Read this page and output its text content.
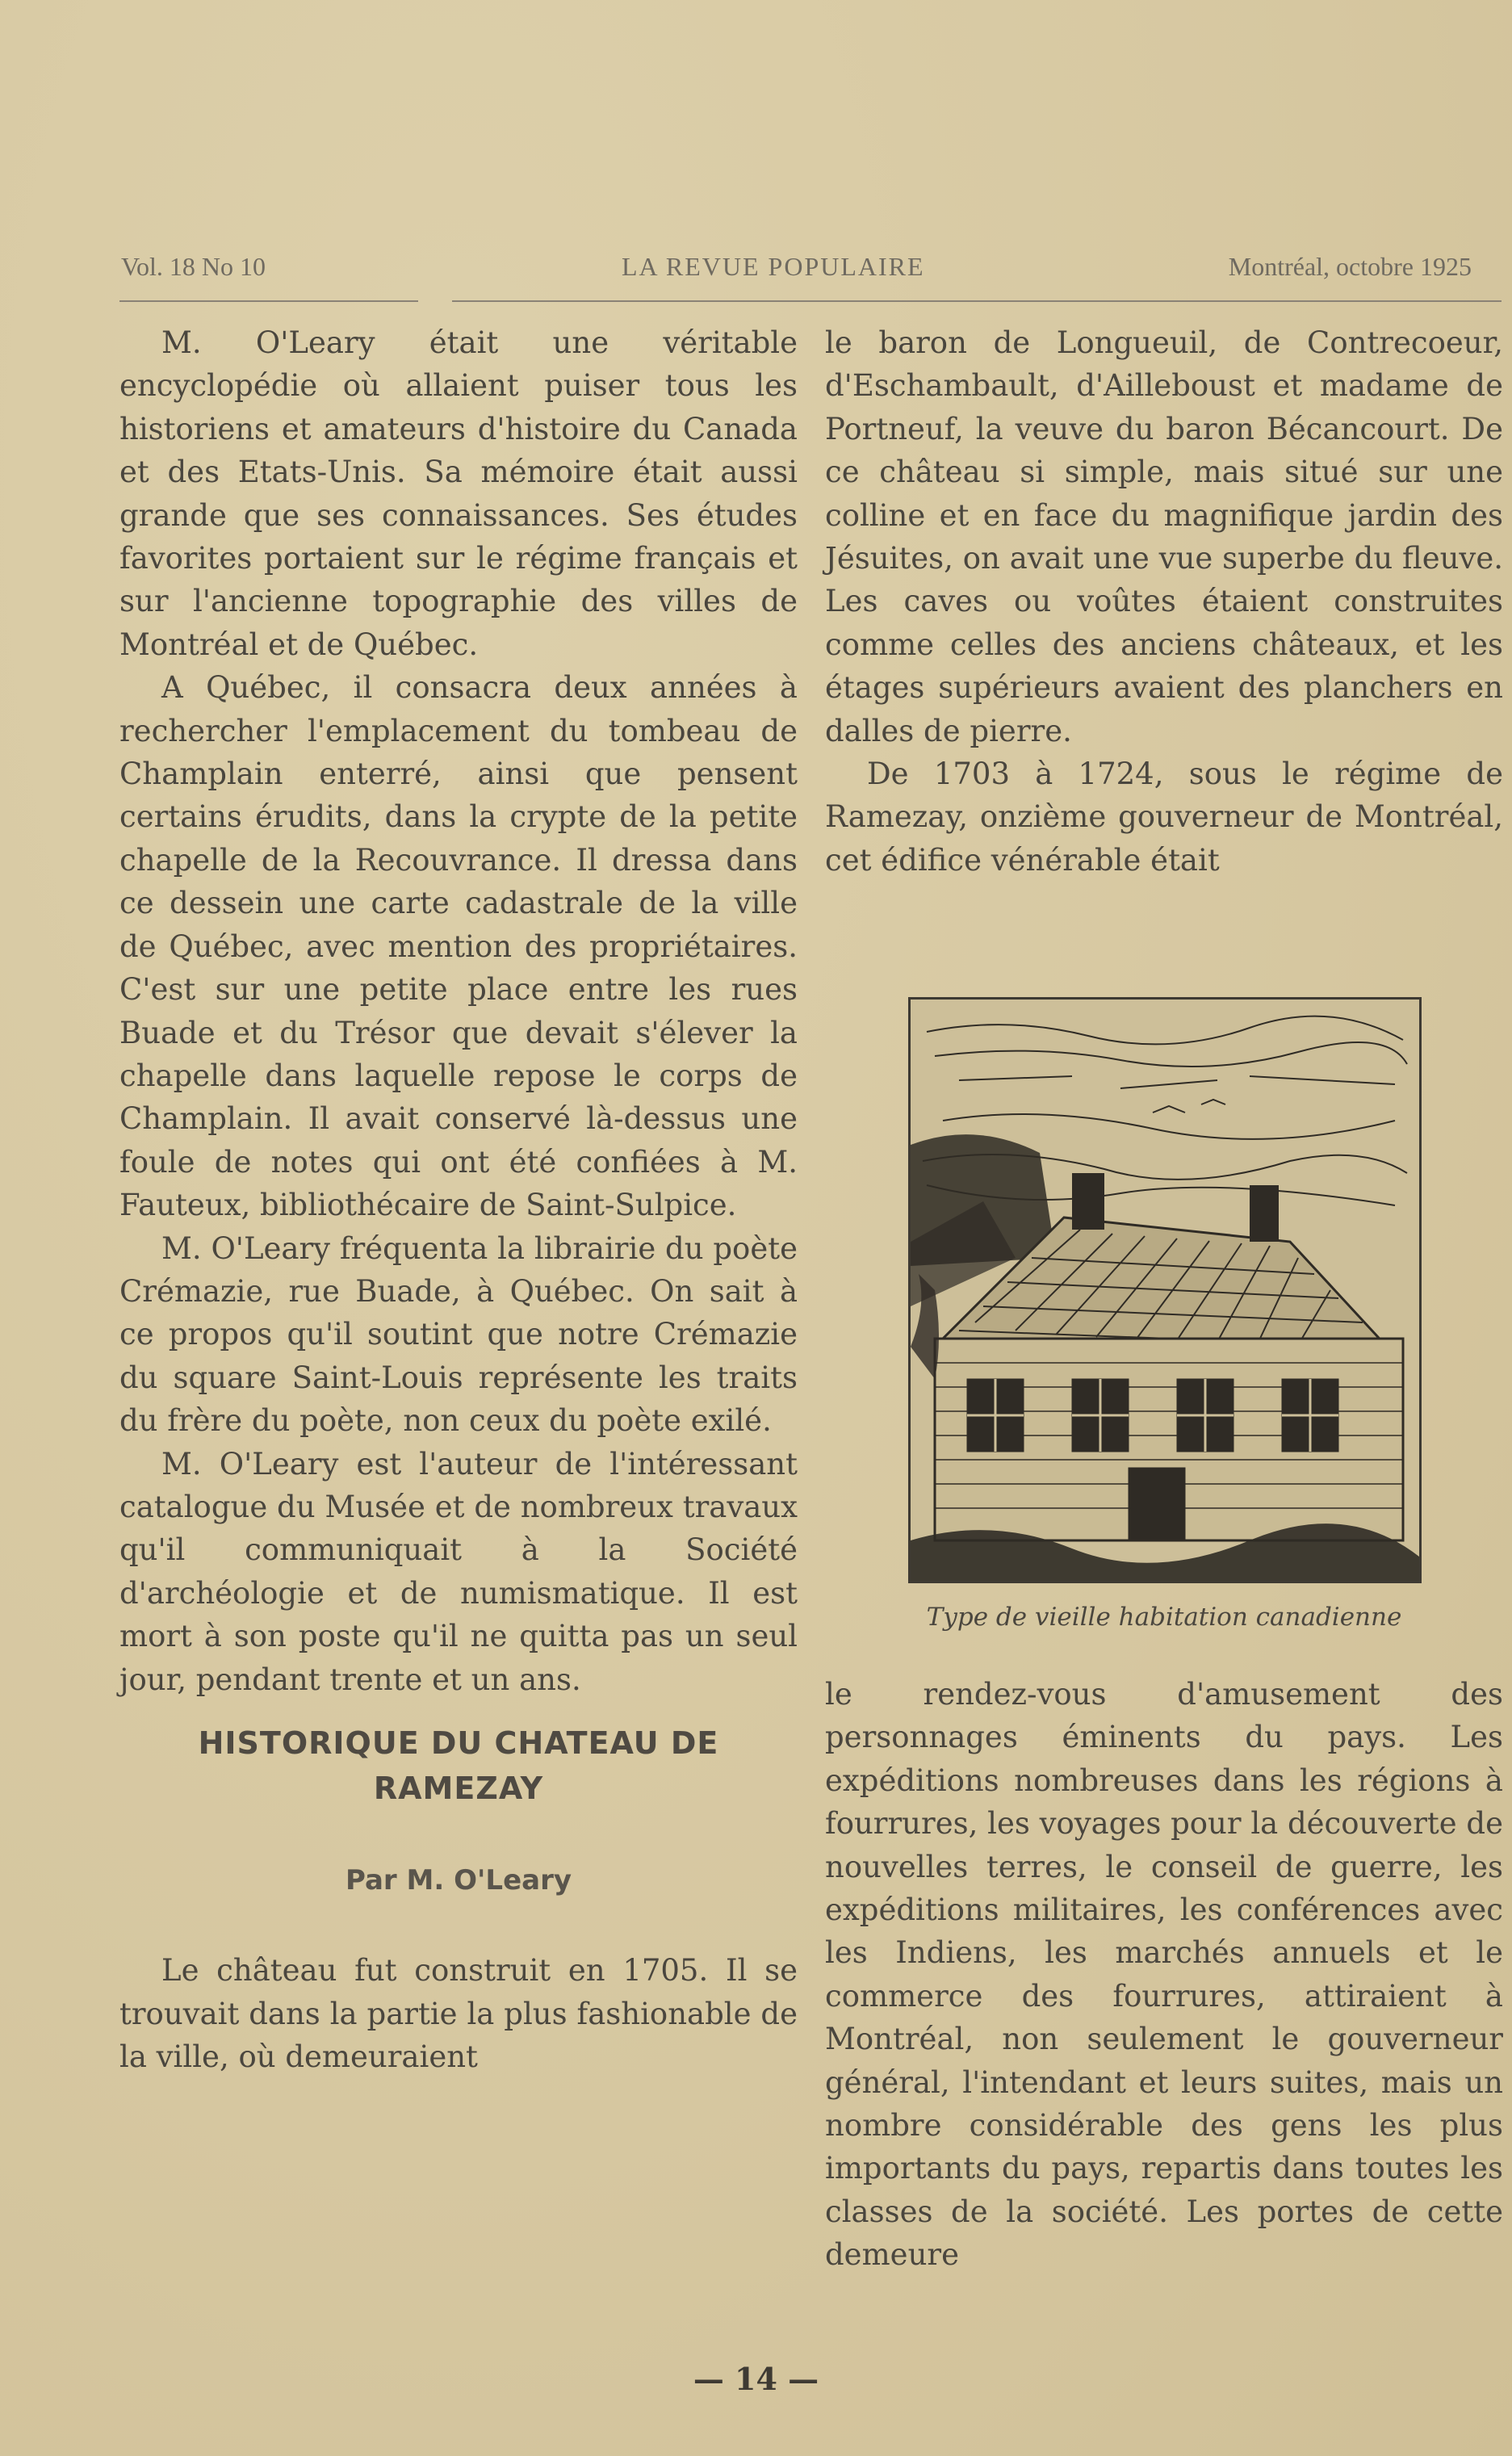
Vol. 18 No 10	LA REVUE POPULAIRE	Montréal, octobre 1925

M. O'Leary était une véritable encyclopédie où allaient puiser tous les historiens et amateurs d'histoire du Canada et des Etats-Unis. Sa mémoire était aussi grande que ses connaissances. Ses études favorites portaient sur le régime français et sur l'ancienne topographie des villes de Montréal et de Québec.

A Québec, il consacra deux années à rechercher l'emplacement du tombeau de Champlain enterré, ainsi que pensent certains érudits, dans la crypte de la petite chapelle de la Recouvrance. Il dressa dans ce dessein une carte cadastrale de la ville de Québec, avec mention des propriétaires. C'est sur une petite place entre les rues Buade et du Trésor que devait s'élever la chapelle dans laquelle repose le corps de Champlain. Il avait conservé là-dessus une foule de notes qui ont été confiées à M. Fauteux, bibliothécaire de Saint-Sulpice.

M. O'Leary fréquenta la librairie du poète Crémazie, rue Buade, à Québec. On sait à ce propos qu'il soutint que notre Crémazie du square Saint-Louis représente les traits du frère du poète, non ceux du poète exilé.

M. O'Leary est l'auteur de l'intéressant catalogue du Musée et de nombreux travaux qu'il communiquait à la Société d'archéologie et de numismatique. Il est mort à son poste qu'il ne quitta pas un seul jour, pendant trente et un ans.

HISTORIQUE DU CHATEAU DE RAMEZAY
Par M. O'Leary

Le château fut construit en 1705. Il se trouvait dans la partie la plus fashionable de la ville, où demeuraient

le baron de Longueuil, de Contrecoeur, d'Eschambault, d'Ailleboust et madame de Portneuf, la veuve du baron Bécancourt. De ce château si simple, mais situé sur une colline et en face du magnifique jardin des Jésuites, on avait une vue superbe du fleuve. Les caves ou voûtes étaient construites comme celles des anciens châteaux, et les étages supérieurs avaient des planchers en dalles de pierre.

De 1703 à 1724, sous le régime de Ramezay, onzième gouverneur de Montréal, cet édifice vénérable était

Type de vieille habitation canadienne

le rendez-vous d'amusement des personnages éminents du pays. Les expéditions nombreuses dans les régions à fourrures, les voyages pour la découverte de nouvelles terres, le conseil de guerre, les expéditions militaires, les conférences avec les Indiens, les marchés annuels et le commerce des fourrures, attiraient à Montréal, non seulement le gouverneur général, l'intendant et leurs suites, mais un nombre considérable des gens les plus importants du pays, repartis dans toutes les classes de la société. Les portes de cette demeure

— 14 —
